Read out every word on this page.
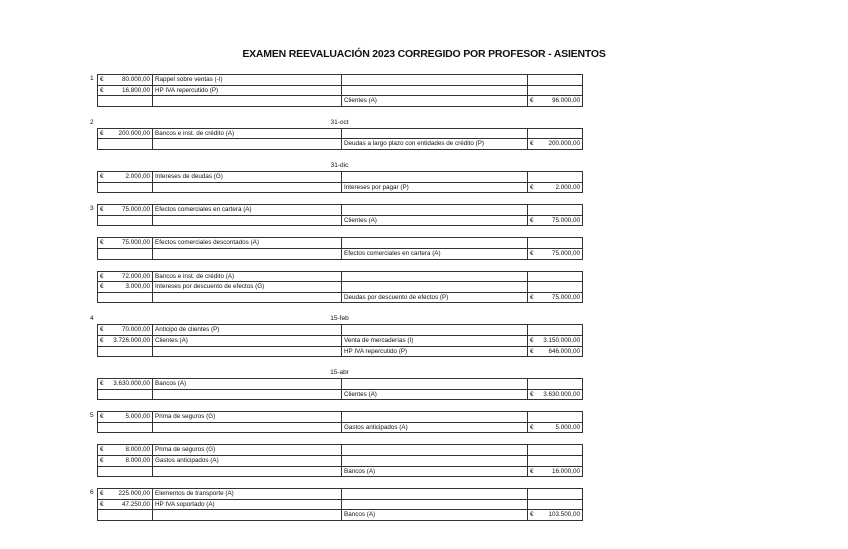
EXAMEN REEVALUACIÓN 2023 CORREGIDO POR PROFESOR - ASIENTOS
1 € 80.000,00	Rappel sobre ventas (-I)		

€ 16.800,00	HP IVA repercutido (P)		
		Clientes (A)	€ 96.000,00
31-oct
2
€ 200.000,00	Bancos e inst. de crédito (A)		
		Deudas a largo plazo con entidades de crédito (P)	€ 200.000,00
31-dic
€ 2.000,00	Intereses de deudas (G)		
		Intereses por pagar (P)	€ 2.000,00
3 € 75.000,00	Efectos comerciales en cartera (A)		
		Clientes (A)	€ 75.000,00
€ 75.000,00	Efectos comerciales descontados (A)		
		Efectos comerciales en cartera (A)	€ 75.000,00
€ 72.000,00	Bancos e inst. de crédito (A)		

€ 3.000,00	Intereses por descuento de efectos (G)		
		Deudas por descuento de efectos (P)	€ 75.000,00
15-feb
4
€ 70.000,00	Anticipo de clientes (P)		

€ 3.726.000,00	Clientes (A)	Venta de mercaderías (I)	€ 3.150.000,00
		HP IVA repercutido (P)	€ 646.000,00
15-abr
€ 3.630.000,00	Bancos (A)		
		Clientes (A)	€ 3.630.000,00
5 € 5.000,00	Prima de seguros (G)		
		Gastos anticipados (A)	€ 5.000,00
€ 8.000,00	Prima de seguros (G)		

€ 8.000,00	Gastos anticipados (A)		
		Bancos (A)	€ 16.000,00
6 € 225.000,00	Elementos de transporte (A)		

€ 47.250,00	HP IVA soportado (A)		
		Bancos (A)	€ 103.500,00
